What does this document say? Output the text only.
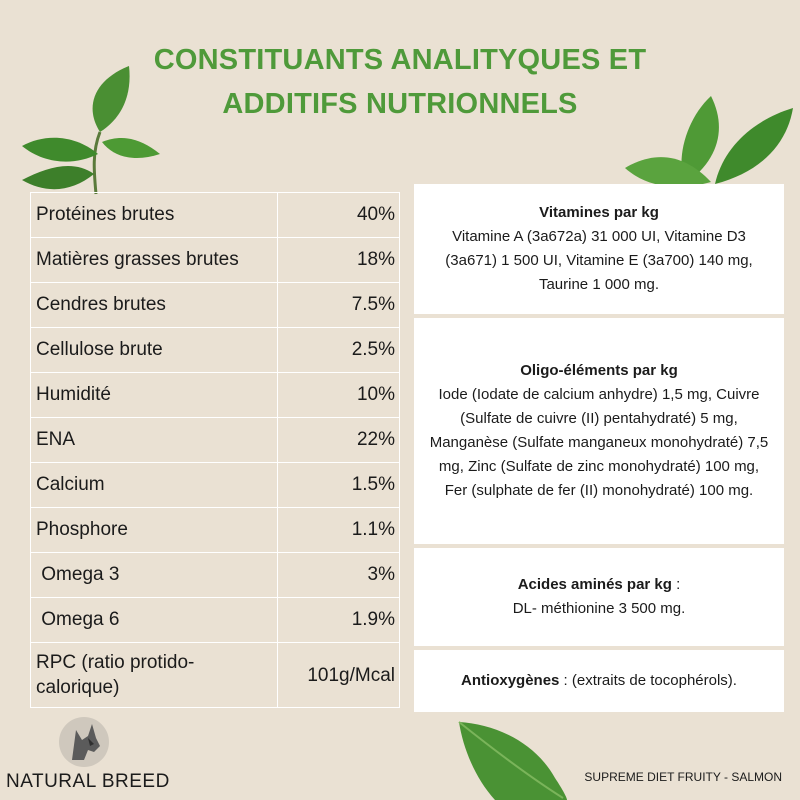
CONSTITUANTS ANALITYQUES ET
ADDITIFS NUTRIONNELS
Protéines brutes	40%
Matières grasses brutes	18%
Cendres brutes	7.5%
Cellulose brute	2.5%
Humidité	10%
ENA	22%
Calcium	1.5%
Phosphore	1.1%
Omega 3	3%
Omega 6	1.9%
RPC (ratio protido-calorique)	101g/Mcal
Vitamines par kg
Vitamine A (3a672a) 31 000 UI, Vitamine D3 (3a671) 1 500 UI, Vitamine E (3a700) 140 mg, Taurine 1 000 mg.
Oligo-éléments par kg
Iode (Iodate de calcium anhydre) 1,5 mg, Cuivre (Sulfate de cuivre (II) pentahydraté) 5 mg, Manganèse (Sulfate manganeux monohydraté) 7,5 mg, Zinc (Sulfate de zinc monohydraté) 100 mg, Fer (sulphate de fer (II) monohydraté) 100 mg.
Acides aminés par kg :
DL- méthionine 3 500 mg.
Antioxygènes : (extraits de tocophérols).
NATURAL BREED	SUPREME DIET FRUITY - SALMON
